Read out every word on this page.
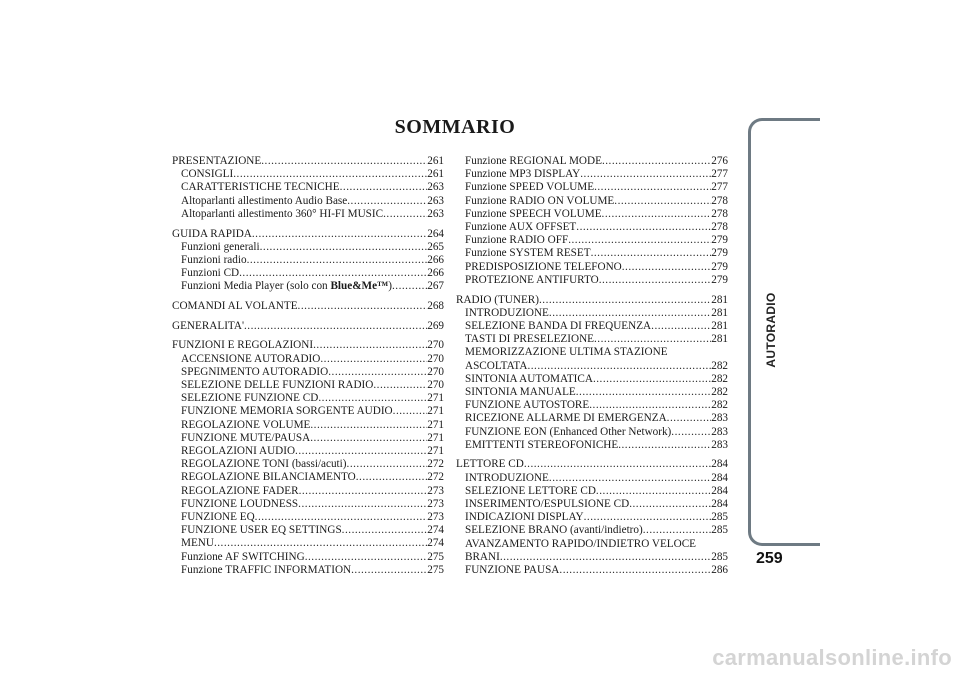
SOMMARIO
PRESENTAZIONE .....	261
CONSIGLI .....	261
CARATTERISTICHE TECNICHE .....	263
Altoparlanti allestimento Audio Base .....	263
Altoparlanti allestimento 360° HI-FI MUSIC .....	263
GUIDA RAPIDA .....	264
Funzioni generali .....	265
Funzioni radio .....	266
Funzioni CD .....	266
Funzioni Media Player (solo con Blue&Me™) .....	267
COMANDI AL VOLANTE .....	268
GENERALITA' .....	269
FUNZIONI E REGOLAZIONI .....	270
ACCENSIONE AUTORADIO .....	270
SPEGNIMENTO AUTORADIO .....	270
SELEZIONE DELLE FUNZIONI RADIO .....	270
SELEZIONE FUNZIONE CD .....	271
FUNZIONE MEMORIA SORGENTE AUDIO .....	271
REGOLAZIONE VOLUME .....	271
FUNZIONE MUTE/PAUSA .....	271
REGOLAZIONI AUDIO .....	271
REGOLAZIONE TONI (bassi/acuti) .....	272
REGOLAZIONE BILANCIAMENTO .....	272
REGOLAZIONE FADER .....	273
FUNZIONE LOUDNESS .....	273
FUNZIONE EQ .....	273
FUNZIONE USER EQ SETTINGS .....	274
MENU .....	274
Funzione AF SWITCHING .....	275
Funzione TRAFFIC INFORMATION .....	275
Funzione REGIONAL MODE .....	276
Funzione MP3 DISPLAY .....	277
Funzione SPEED VOLUME .....	277
Funzione RADIO ON VOLUME .....	278
Funzione SPEECH VOLUME .....	278
Funzione AUX OFFSET .....	278
Funzione RADIO OFF .....	279
Funzione SYSTEM RESET .....	279
PREDISPOSIZIONE TELEFONO .....	279
PROTEZIONE ANTIFURTO .....	279
RADIO (TUNER) .....	281
INTRODUZIONE .....	281
SELEZIONE BANDA DI FREQUENZA .....	281
TASTI DI PRESELEZIONE .....	281
MEMORIZZAZIONE ULTIMA STAZIONE
ASCOLTATA .....	282
SINTONIA AUTOMATICA .....	282
SINTONIA MANUALE .....	282
FUNZIONE AUTOSTORE .....	282
RICEZIONE ALLARME DI EMERGENZA .....	283
FUNZIONE EON (Enhanced Other Network) .....	283
EMITTENTI STEREOFONICHE .....	283
LETTORE CD .....	284
INTRODUZIONE .....	284
SELEZIONE LETTORE CD .....	284
INSERIMENTO/ESPULSIONE CD .....	284
INDICAZIONI DISPLAY .....	285
SELEZIONE BRANO (avanti/indietro) .....	285
AVANZAMENTO RAPIDO/INDIETRO VELOCE
BRANI .....	285
FUNZIONE PAUSA .....	286
AUTORADIO
259
carmanualsonline.info
